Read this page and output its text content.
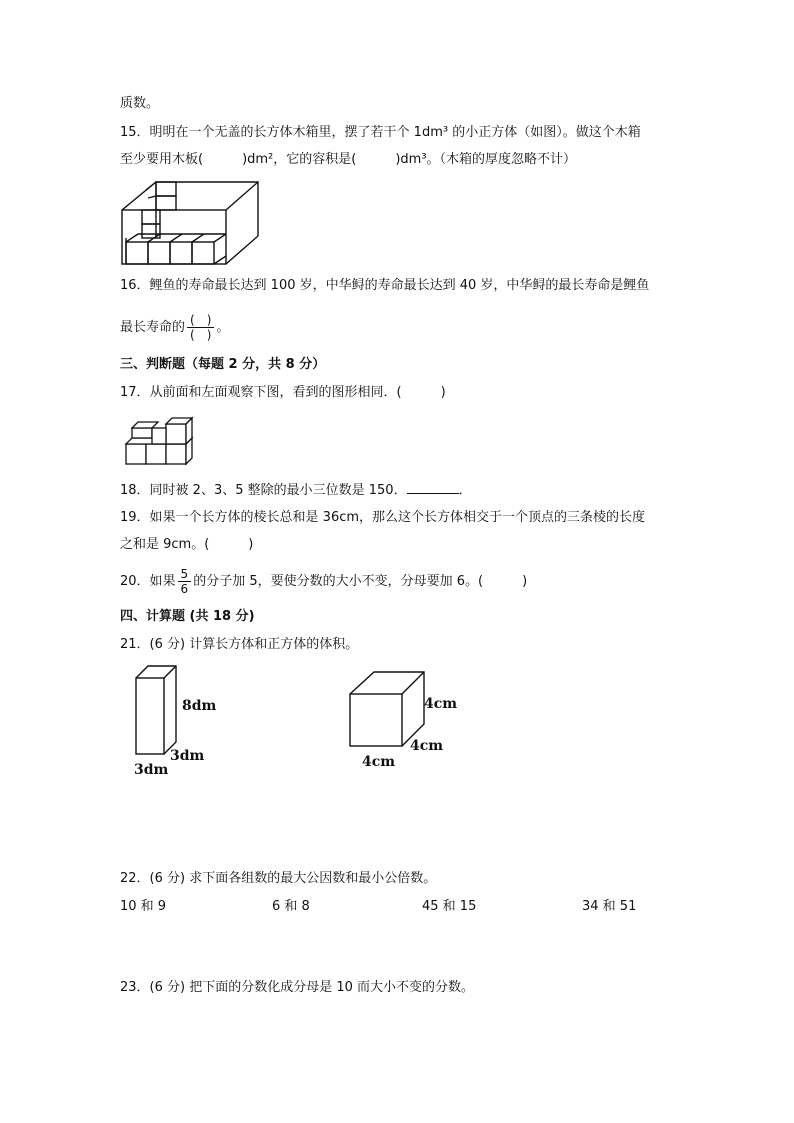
质数。
15．明明在一个无盖的长方体木箱里，摆了若干个 1dm³ 的小正方体（如图）。做这个木箱
至少要用木板(　　　)dm²，它的容积是(　　　)dm³。（木箱的厚度忽略不计）
16．鲤鱼的寿命最长达到 100 岁，中华鲟的寿命最长达到 40 岁，中华鲟的最长寿命是鲤鱼
最长寿命的 $\frac{( )}{( )}$ 。
三、判断题（每题 2 分，共 8 分）
17．从前面和左面观察下图，看到的图形相同．(　　　)
18．同时被 2、3、5 整除的最小三位数是 150．	．
19．如果一个长方体的棱长总和是 36cm，那么这个长方体相交于一个顶点的三条棱的长度
之和是 9cm。(　　　)
20．如果 $\frac{5}{6}$ 的分子加 5，要使分数的大小不变，分母要加 6。(　　　)
四、计算题 (共 18 分)
21．(6 分) 计算长方体和正方体的体积。
8dm
3dm
3dm
4cm
4cm
4cm
22．(6 分) 求下面各组数的最大公因数和最小公倍数。
10 和 9	6 和 8	45 和 15	34 和 51
23．(6 分) 把下面的分数化成分母是 10 而大小不变的分数。
